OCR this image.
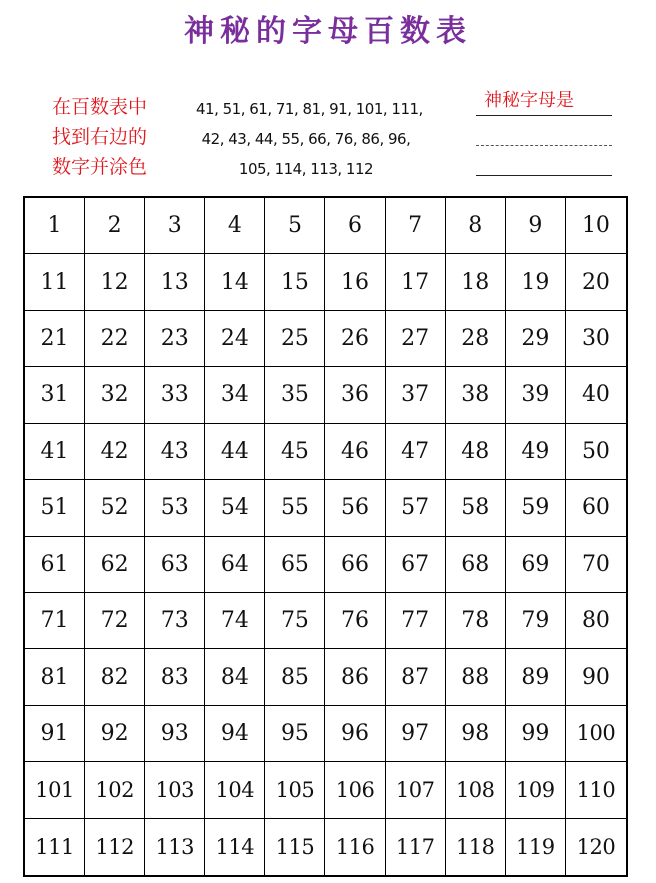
神秘的字母百数表
在百数表中
找到右边的
数字并涂色
41, 51, 61, 71, 81, 91, 101, 111,
42, 43, 44, 55, 66, 76, 86, 96,
105, 114, 113, 112
神秘字母是
1	2	3	4	5	6	7	8	9	10
11	12	13	14	15	16	17	18	19	20
21	22	23	24	25	26	27	28	29	30
31	32	33	34	35	36	37	38	39	40
41	42	43	44	45	46	47	48	49	50
51	52	53	54	55	56	57	58	59	60
61	62	63	64	65	66	67	68	69	70
71	72	73	74	75	76	77	78	79	80
81	82	83	84	85	86	87	88	89	90
91	92	93	94	95	96	97	98	99	100
101	102	103	104	105	106	107	108	109	110
111	112	113	114	115	116	117	118	119	120
